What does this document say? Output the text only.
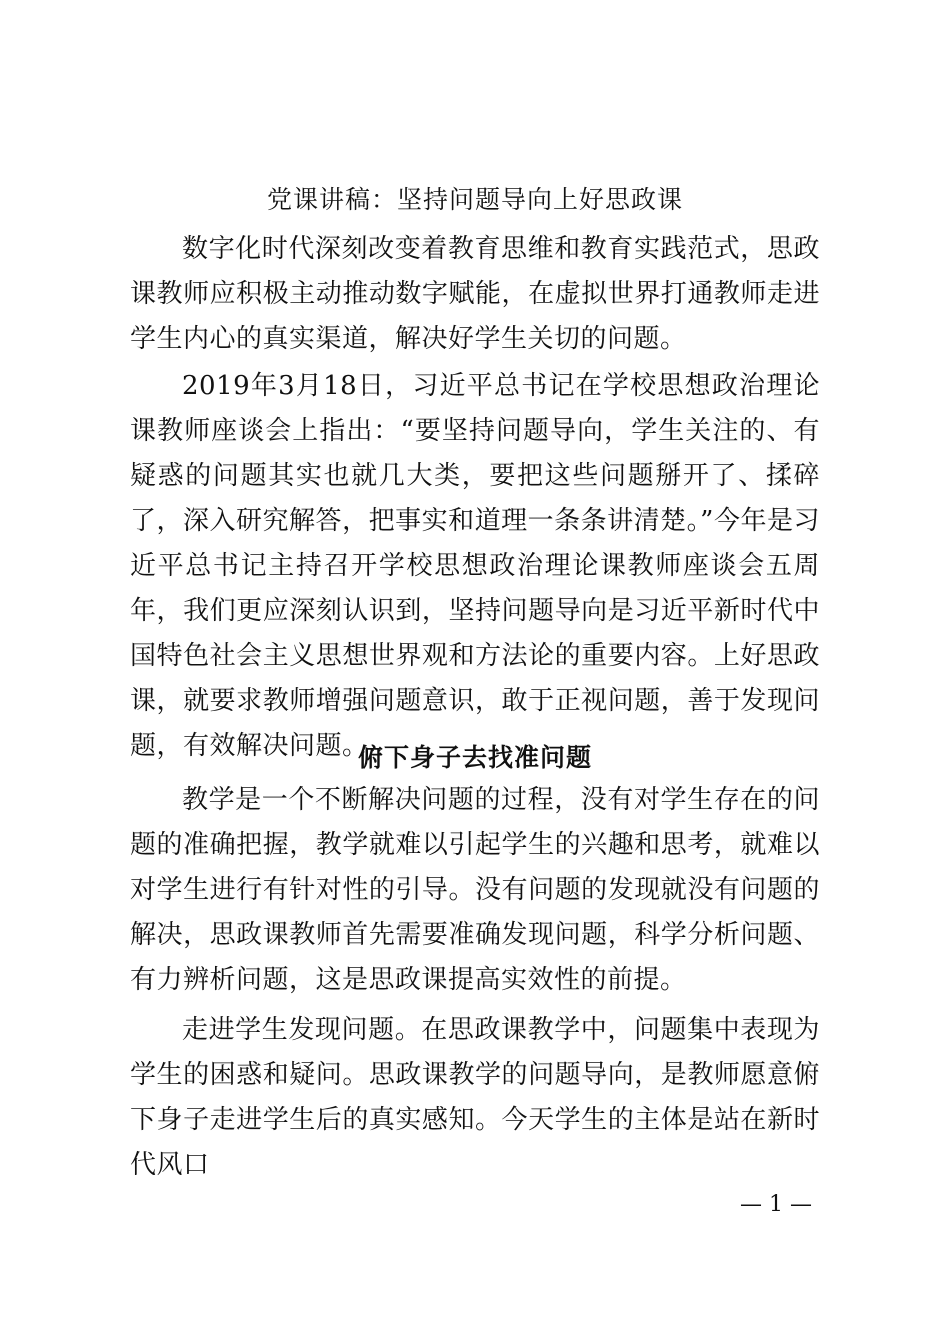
党课讲稿：坚持问题导向上好思政课

数字化时代深刻改变着教育思维和教育实践范式，思政课教师应积极主动推动数字赋能，在虚拟世界打通教师走进学生内心的真实渠道，解决好学生关切的问题。

2019年3月18日，习近平总书记在学校思想政治理论课教师座谈会上指出：“要坚持问题导向，学生关注的、有疑惑的问题其实也就几大类，要把这些问题掰开了、揉碎了，深入研究解答，把事实和道理一条条讲清楚。”今年是习近平总书记主持召开学校思想政治理论课教师座谈会五周年，我们更应深刻认识到，坚持问题导向是习近平新时代中国特色社会主义思想世界观和方法论的重要内容。上好思政课，就要求教师增强问题意识，敢于正视问题，善于发现问题，有效解决问题。

俯下身子去找准问题

教学是一个不断解决问题的过程，没有对学生存在的问题的准确把握，教学就难以引起学生的兴趣和思考，就难以对学生进行有针对性的引导。没有问题的发现就没有问题的解决，思政课教师首先需要准确发现问题，科学分析问题、有力辨析问题，这是思政课提高实效性的前提。

走进学生发现问题。在思政课教学中，问题集中表现为学生的困惑和疑问。思政课教学的问题导向，是教师愿意俯下身子走进学生后的真实感知。今天学生的主体是站在新时代风口

— 1 —
